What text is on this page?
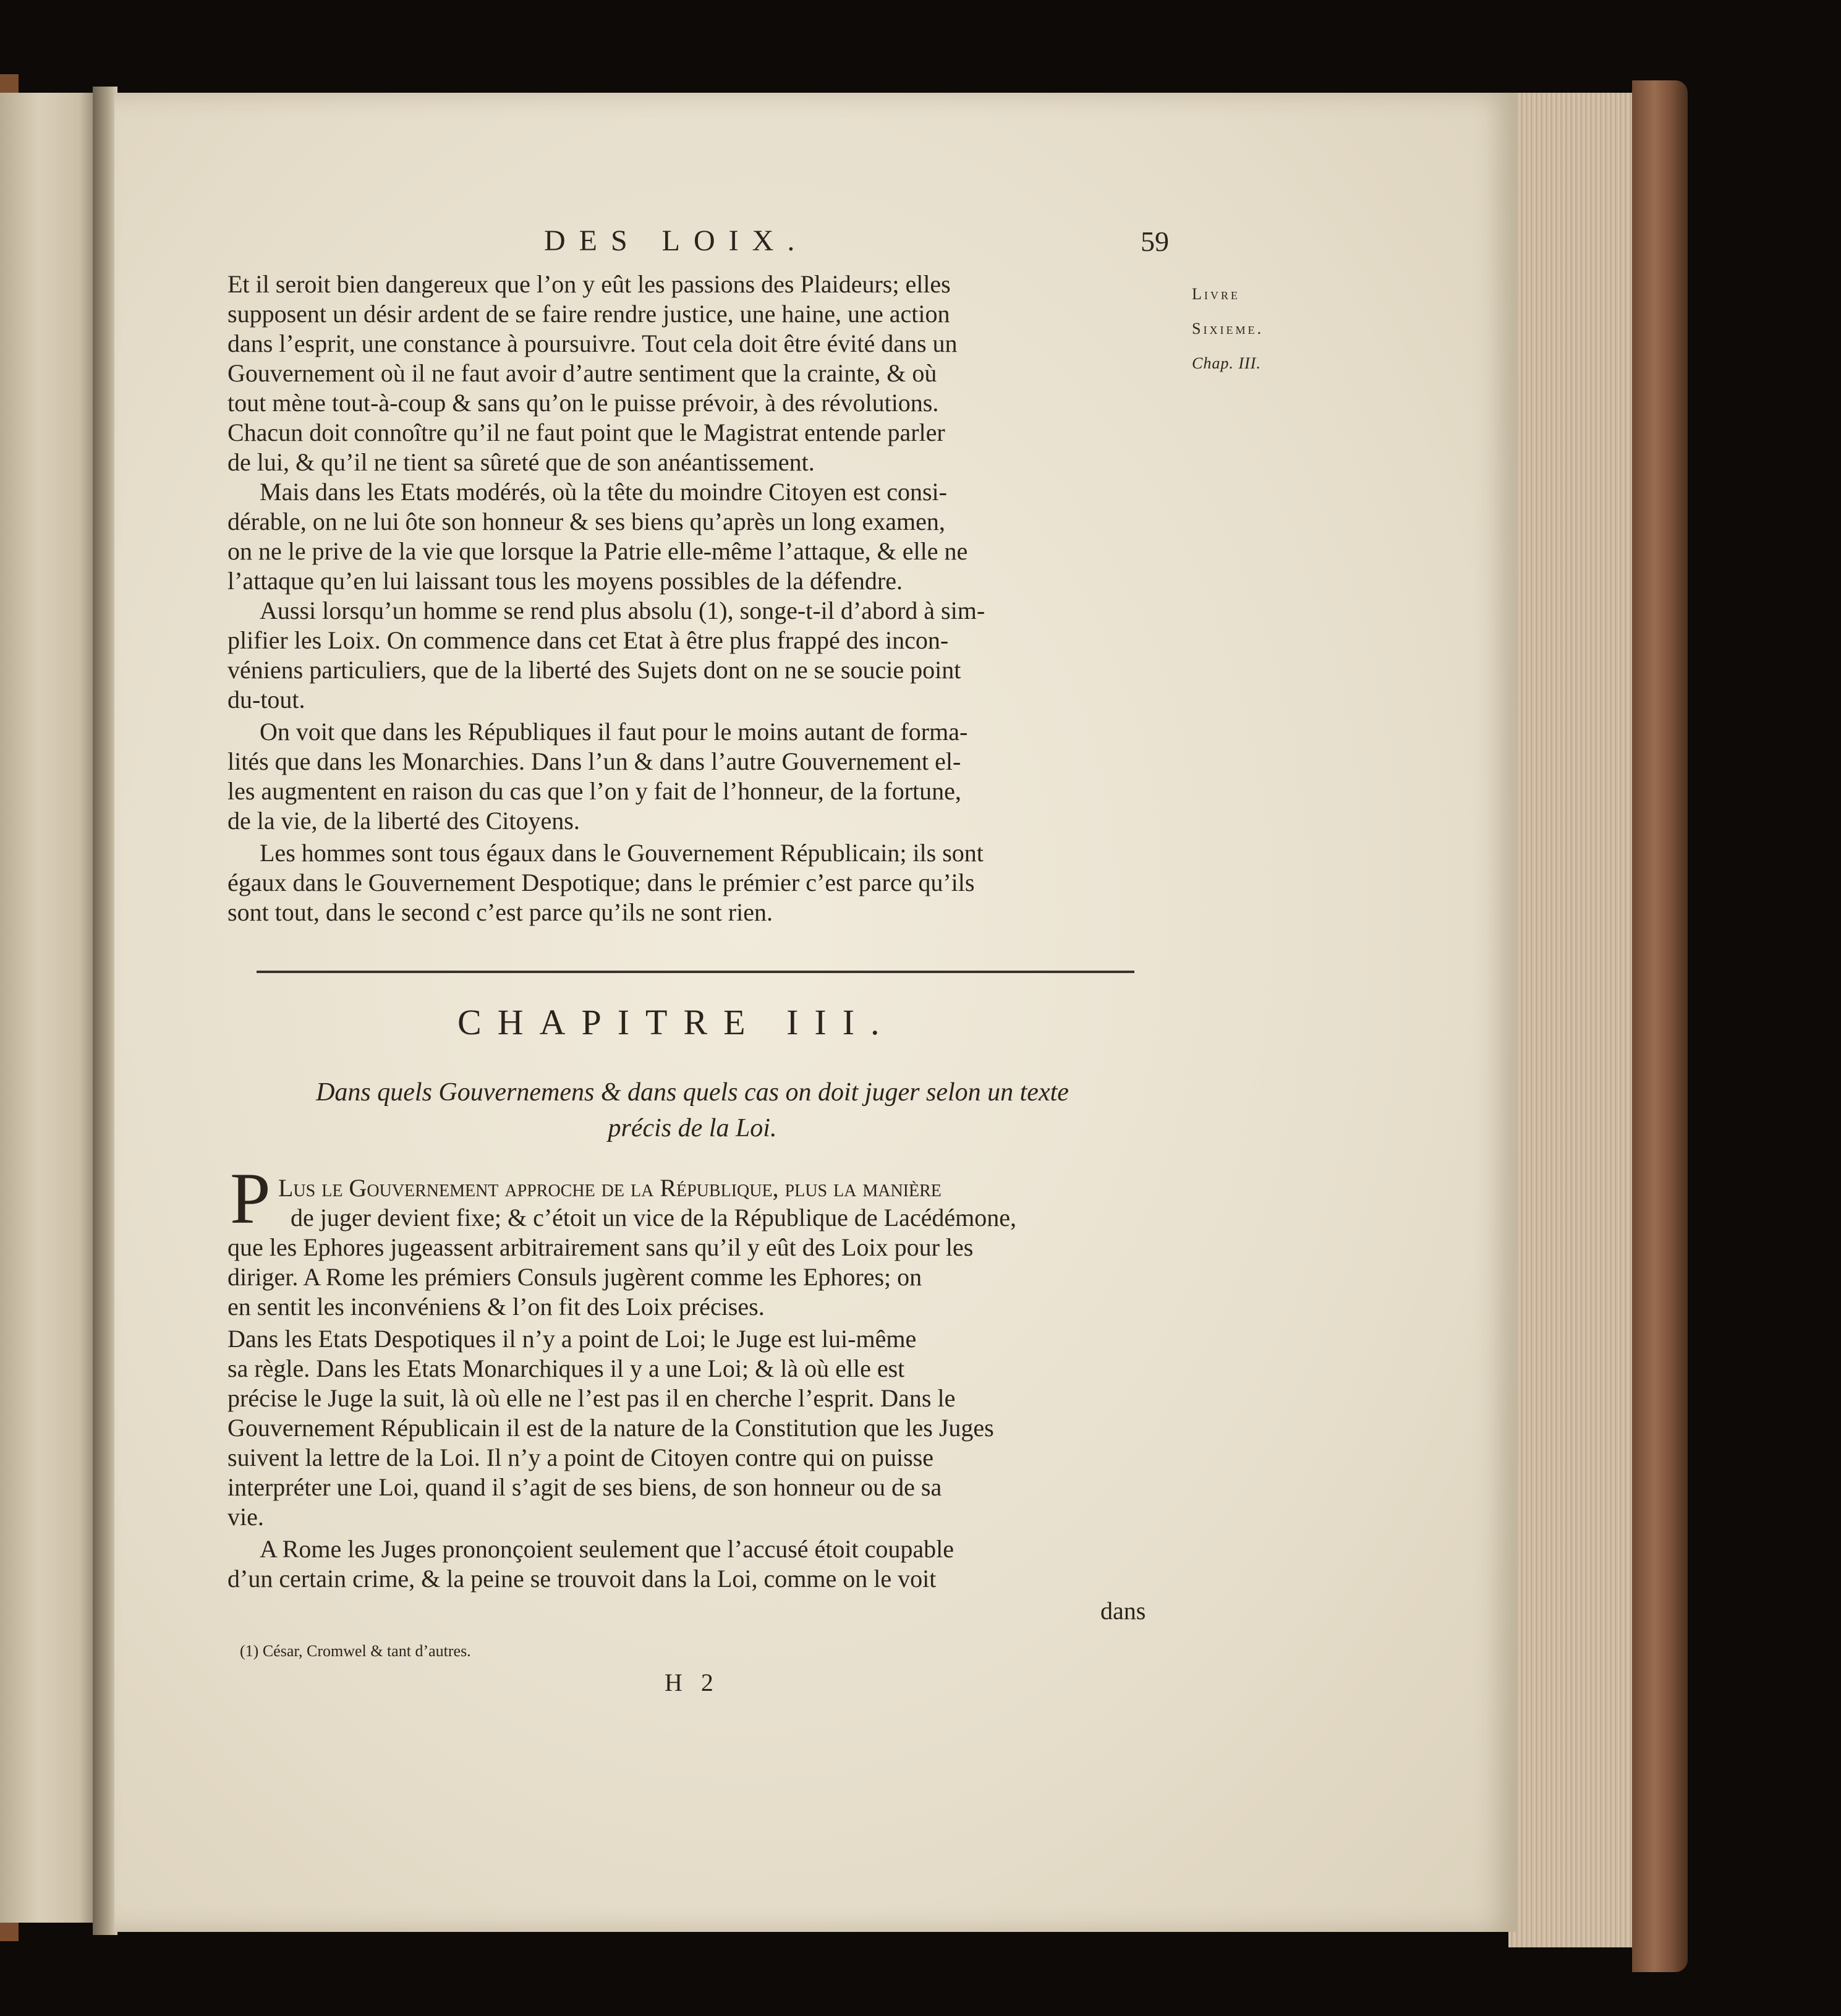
DES LOIX.	59
Livre
Sixieme.
Chap. III.
Et il seroit bien dangereux que l’on y eût les passions des Plaideurs; elles
supposent un désir ardent de se faire rendre justice, une haine, une action
dans l’esprit, une constance à poursuivre. Tout cela doit être évité dans un
Gouvernement où il ne faut avoir d’autre sentiment que la crainte, & où
tout mène tout-à-coup & sans qu’on le puisse prévoir, à des révolutions.
Chacun doit connoître qu’il ne faut point que le Magistrat entende parler
de lui, & qu’il ne tient sa sûreté que de son anéantissement.
Mais dans les Etats modérés, où la tête du moindre Citoyen est consi-
dérable, on ne lui ôte son honneur & ses biens qu’après un long examen,
on ne le prive de la vie que lorsque la Patrie elle-même l’attaque, & elle ne
l’attaque qu’en lui laissant tous les moyens possibles de la défendre.
Aussi lorsqu’un homme se rend plus absolu (1), songe-t-il d’abord à sim-
plifier les Loix. On commence dans cet Etat à être plus frappé des incon-
véniens particuliers, que de la liberté des Sujets dont on ne se soucie point
du-tout.
On voit que dans les Républiques il faut pour le moins autant de forma-
lités que dans les Monarchies. Dans l’un & dans l’autre Gouvernement el-
les augmentent en raison du cas que l’on y fait de l’honneur, de la fortune,
de la vie, de la liberté des Citoyens.
Les hommes sont tous égaux dans le Gouvernement Républicain; ils sont
égaux dans le Gouvernement Despotique; dans le prémier c’est parce qu’ils
sont tout, dans le second c’est parce qu’ils ne sont rien.
CHAPITRE III.
Dans quels Gouvernemens & dans quels cas on doit juger selon un texte
précis de la Loi.
P Lus le Gouvernement approche de la République, plus la manière
de juger devient fixe; & c’étoit un vice de la République de Lacédémone,
que les Ephores jugeassent arbitrairement sans qu’il y eût des Loix pour les
diriger. A Rome les prémiers Consuls jugèrent comme les Ephores; on
en sentit les inconvéniens & l’on fit des Loix précises.
Dans les Etats Despotiques il n’y a point de Loi; le Juge est lui-même
sa règle. Dans les Etats Monarchiques il y a une Loi; & là où elle est
précise le Juge la suit, là où elle ne l’est pas il en cherche l’esprit. Dans le
Gouvernement Républicain il est de la nature de la Constitution que les Juges
suivent la lettre de la Loi. Il n’y a point de Citoyen contre qui on puisse
interpréter une Loi, quand il s’agit de ses biens, de son honneur ou de sa
vie.
A Rome les Juges prononçoient seulement que l’accusé étoit coupable
d’un certain crime, & la peine se trouvoit dans la Loi, comme on le voit
dans
(1) César, Cromwel & tant d’autres.
H 2
